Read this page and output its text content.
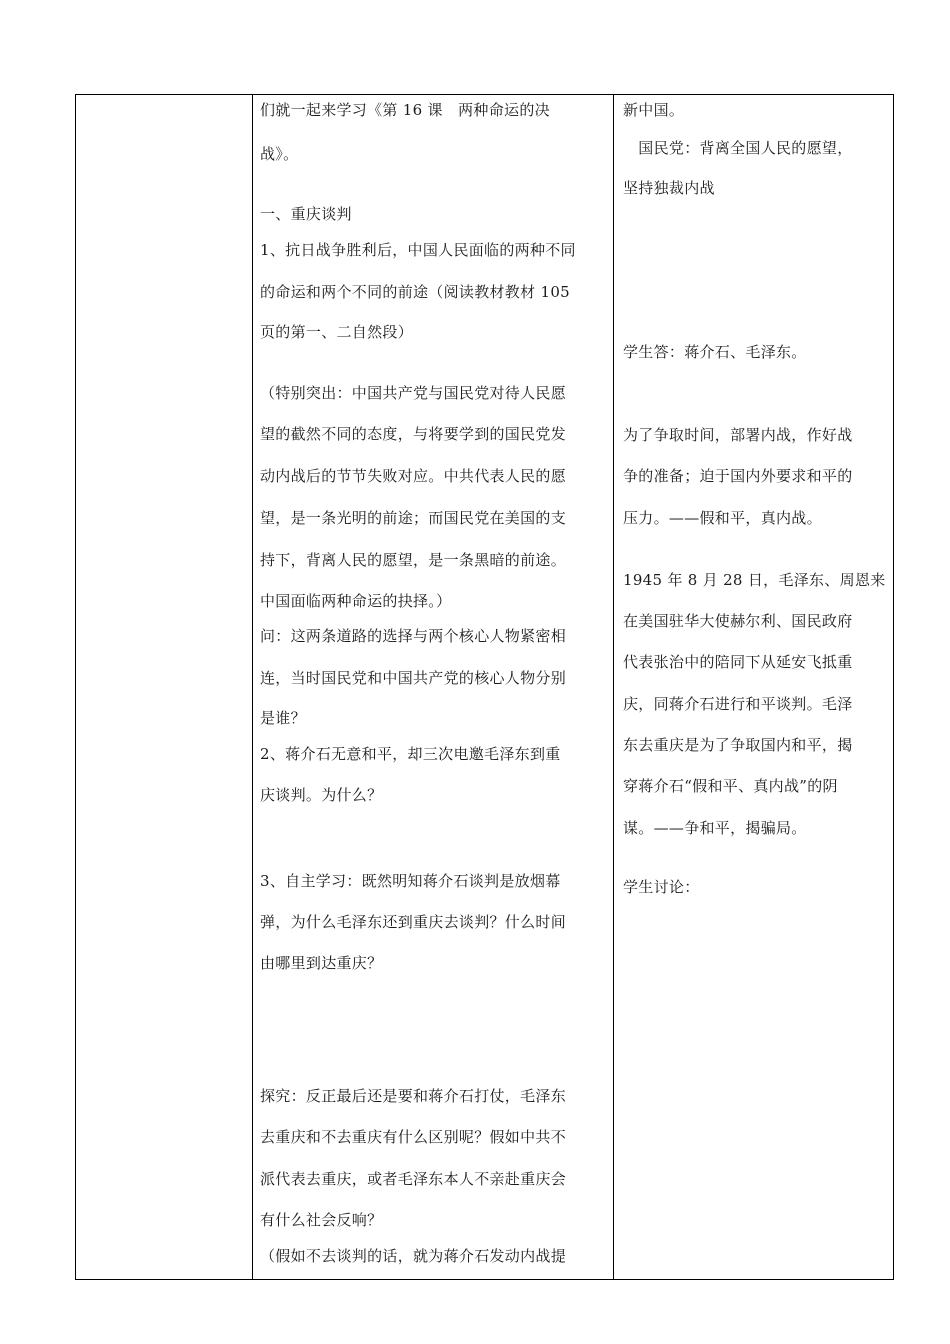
们就一起来学习《第 16 课　两种命运的决
战》。
一、重庆谈判
1、抗日战争胜利后，中国人民面临的两种不同
的命运和两个不同的前途（阅读教材教材 105
页的第一、二自然段）
（特别突出：中国共产党与国民党对待人民愿
望的截然不同的态度，与将要学到的国民党发
动内战后的节节失败对应。中共代表人民的愿
望，是一条光明的前途；而国民党在美国的支
持下，背离人民的愿望，是一条黑暗的前途。
中国面临两种命运的抉择。）
问：这两条道路的选择与两个核心人物紧密相
连，当时国民党和中国共产党的核心人物分别
是谁？
2、蒋介石无意和平，却三次电邀毛泽东到重
庆谈判。为什么？
3、自主学习：既然明知蒋介石谈判是放烟幕
弹，为什么毛泽东还到重庆去谈判？什么时间
由哪里到达重庆？
探究：反正最后还是要和蒋介石打仗，毛泽东
去重庆和不去重庆有什么区别呢？假如中共不
派代表去重庆，或者毛泽东本人不亲赴重庆会
有什么社会反响？
（假如不去谈判的话，就为蒋介石发动内战提
新中国。
　国民党：背离全国人民的愿望，
坚持独裁内战
学生答：蒋介石、毛泽东。
为了争取时间，部署内战，作好战
争的准备；迫于国内外要求和平的
压力。——假和平，真内战。
1945 年 8 月 28 日，毛泽东、周恩来
在美国驻华大使赫尔利、国民政府
代表张治中的陪同下从延安飞抵重
庆，同蒋介石进行和平谈判。毛泽
东去重庆是为了争取国内和平，揭
穿蒋介石“假和平、真内战”的阴
谋。——争和平，揭骗局。
学生讨论：
